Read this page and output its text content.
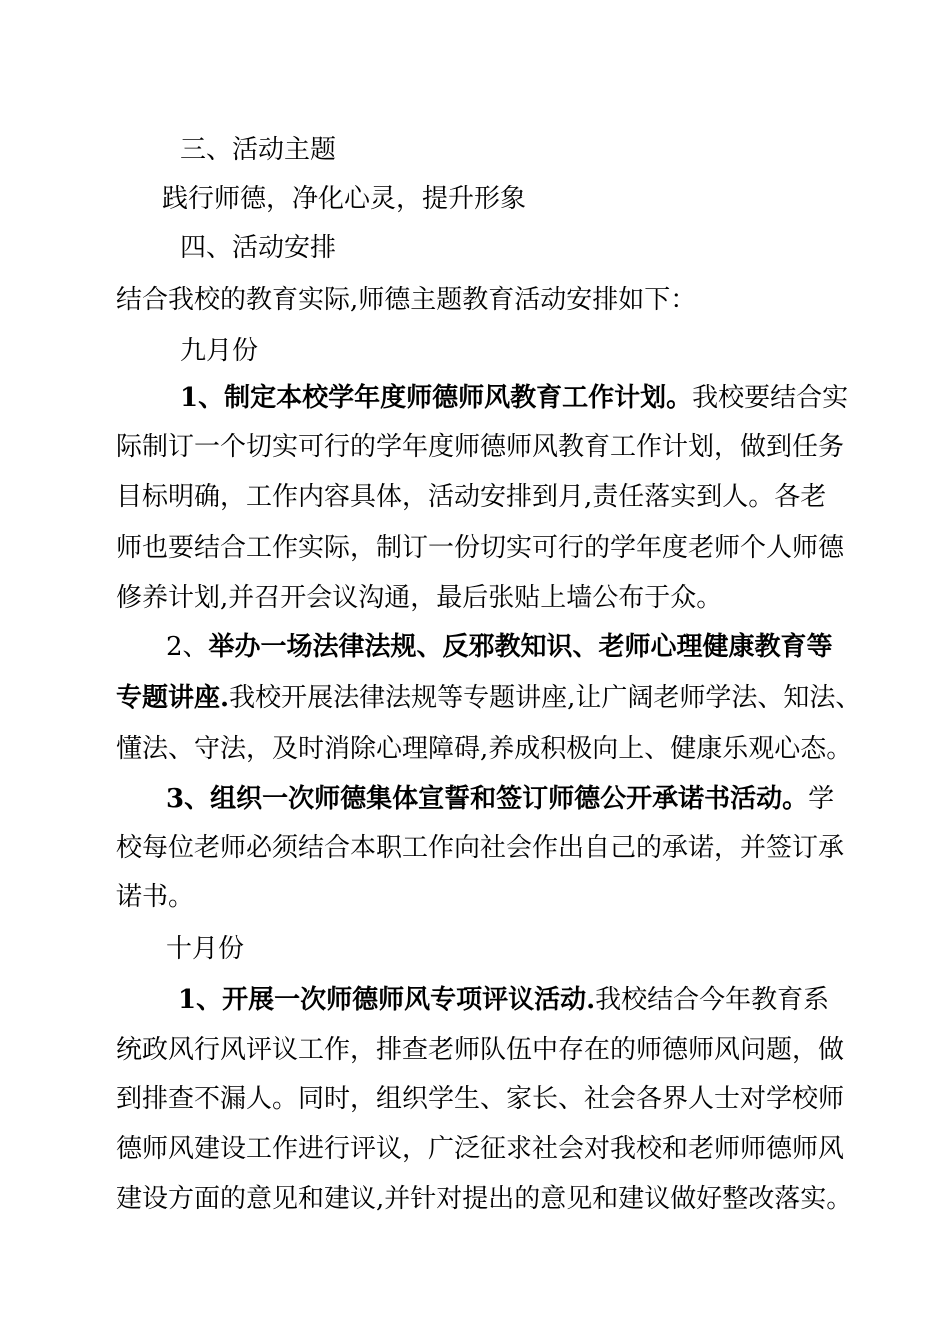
三、活动主题
践行师德，净化心灵，提升形象
四、活动安排
结合我校的教育实际,师德主题教育活动安排如下：
九月份
1、制定本校学年度师德师风教育工作计划。我校要结合实
际制订一个切实可行的学年度师德师风教育工作计划，做到任务
目标明确，工作内容具体，活动安排到月,责任落实到人。各老
师也要结合工作实际，制订一份切实可行的学年度老师个人师德
修养计划,并召开会议沟通，最后张贴上墙公布于众。
2、举办一场法律法规、反邪教知识、老师心理健康教育等
专题讲座.我校开展法律法规等专题讲座,让广阔老师学法、知法、
懂法、守法，及时消除心理障碍,养成积极向上、健康乐观心态。
3、组织一次师德集体宣誓和签订师德公开承诺书活动。学
校每位老师必须结合本职工作向社会作出自己的承诺，并签订承
诺书。
十月份
1、开展一次师德师风专项评议活动.我校结合今年教育系
统政风行风评议工作，排查老师队伍中存在的师德师风问题，做
到排查不漏人。同时，组织学生、家长、社会各界人士对学校师
德师风建设工作进行评议，广泛征求社会对我校和老师师德师风
建设方面的意见和建议,并针对提出的意见和建议做好整改落实。
